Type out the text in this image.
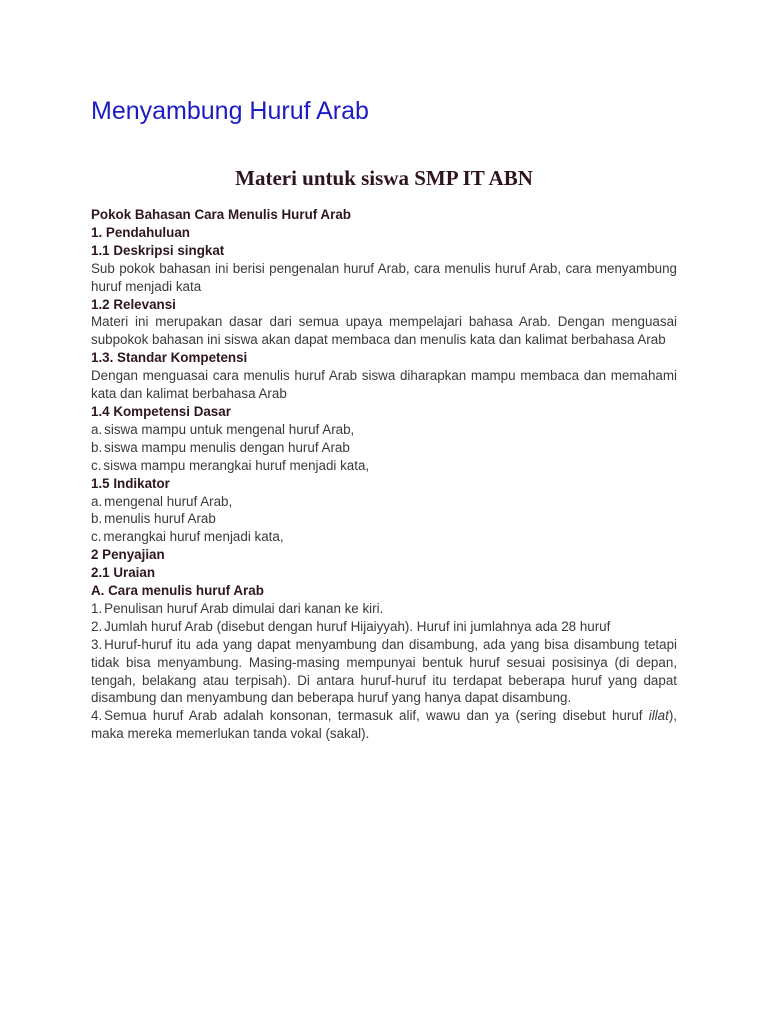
Menyambung Huruf Arab
Materi untuk siswa SMP IT ABN

Pokok Bahasan Cara Menulis Huruf Arab

1. Pendahuluan

1.1 Deskripsi singkat

Sub pokok bahasan ini berisi pengenalan huruf Arab, cara menulis huruf Arab, cara menyambung huruf menjadi kata

1.2 Relevansi

Materi ini merupakan dasar dari semua upaya mempelajari bahasa Arab. Dengan menguasai subpokok bahasan ini siswa akan dapat membaca dan menulis kata dan kalimat berbahasa Arab

1.3. Standar Kompetensi

Dengan menguasai cara menulis huruf Arab siswa diharapkan mampu membaca dan memahami kata dan kalimat berbahasa Arab

1.4 Kompetensi Dasar

a. siswa mampu untuk mengenal huruf Arab,

b. siswa mampu menulis dengan huruf Arab

c. siswa mampu merangkai huruf menjadi kata,

1.5 Indikator

a. mengenal huruf Arab,

b. menulis huruf Arab

c. merangkai huruf menjadi kata,

2 Penyajian

2.1 Uraian

A. Cara menulis huruf Arab

1. Penulisan huruf Arab dimulai dari kanan ke kiri.

2. Jumlah huruf Arab (disebut dengan huruf Hijaiyyah). Huruf ini jumlahnya ada 28 huruf

3. Huruf-huruf itu ada yang dapat menyambung dan disambung, ada yang bisa disambung tetapi tidak bisa menyambung. Masing-masing mempunyai bentuk huruf sesuai posisinya (di depan, tengah, belakang atau terpisah). Di antara huruf-huruf itu terdapat beberapa huruf yang dapat disambung dan menyambung dan beberapa huruf yang hanya dapat disambung.

4. Semua huruf Arab adalah konsonan, termasuk alif, wawu dan ya (sering disebut huruf illat), maka mereka memerlukan tanda vokal (sakal).
